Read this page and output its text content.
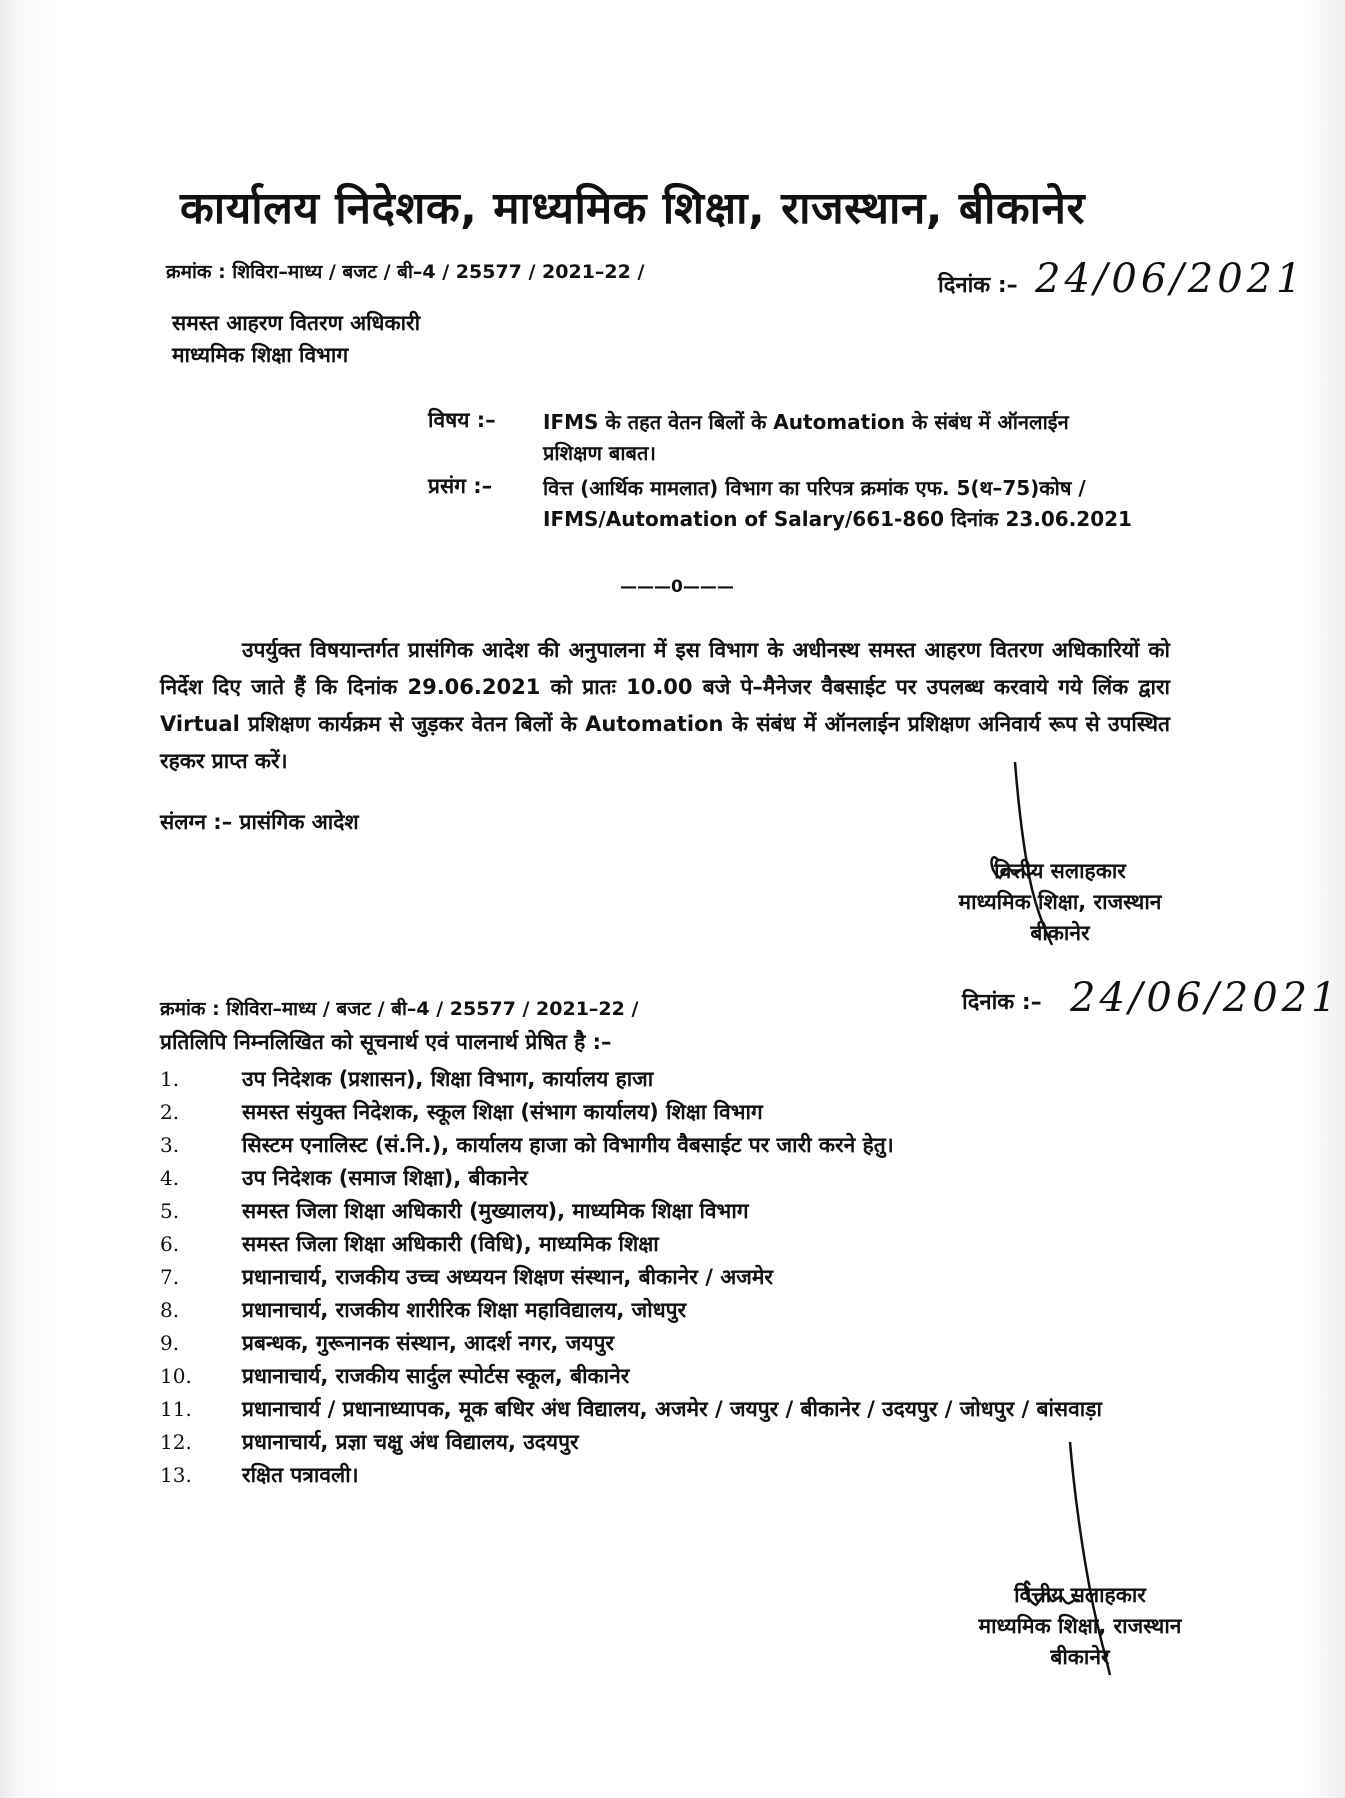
कार्यालय निदेशक, माध्यमिक शिक्षा, राजस्थान, बीकानेर
क्रमांक : शिविरा–माध्य / बजट / बी–4 / 25577 / 2021–22 /
दिनांक :– 24/06/2021
समस्त आहरण वितरण अधिकारी
माध्यमिक शिक्षा विभाग
विषय :–	IFMS के तहत वेतन बिलों के Automation के संबंध में ऑनलाईन प्रशिक्षण बाबत।
प्रसंग :–	वित्त (आर्थिक मामलात) विभाग का परिपत्र क्रमांक एफ. 5(थ–75)कोष / IFMS/Automation of Salary/661-860 दिनांक 23.06.2021
———0———
उपर्युक्त विषयान्तर्गत प्रासंगिक आदेश की अनुपालना में इस विभाग के अधीनस्थ समस्त आहरण वितरण अधिकारियों को निर्देश दिए जाते हैं कि दिनांक 29.06.2021 को प्रातः 10.00 बजे पे–मैनेजर वैबसाईट पर उपलब्ध करवाये गये लिंक द्वारा Virtual प्रशिक्षण कार्यक्रम से जुड़कर वेतन बिलों के Automation के संबंध में ऑनलाईन प्रशिक्षण अनिवार्य रूप से उपस्थित रहकर प्राप्त करें।
संलग्न :– प्रासंगिक आदेश
वित्तीय सलाहकार
माध्यमिक शिक्षा, राजस्थान
बीकानेर
क्रमांक : शिविरा–माध्य / बजट / बी–4 / 25577 / 2021–22 /	दिनांक :– 24/06/2021
प्रतिलिपि निम्नलिखित को सूचनार्थ एवं पालनार्थ प्रेषित है :–
1.	उप निदेशक (प्रशासन), शिक्षा विभाग, कार्यालय हाजा
2.	समस्त संयुक्त निदेशक, स्कूल शिक्षा (संभाग कार्यालय) शिक्षा विभाग
3.	सिस्टम एनालिस्ट (सं.नि.), कार्यालय हाजा को विभागीय वैबसाईट पर जारी करने हेतु।
4.	उप निदेशक (समाज शिक्षा), बीकानेर
5.	समस्त जिला शिक्षा अधिकारी (मुख्यालय), माध्यमिक शिक्षा विभाग
6.	समस्त जिला शिक्षा अधिकारी (विधि), माध्यमिक शिक्षा
7.	प्रधानाचार्य, राजकीय उच्च अध्ययन शिक्षण संस्थान, बीकानेर / अजमेर
8.	प्रधानाचार्य, राजकीय शारीरिक शिक्षा महाविद्यालय, जोधपुर
9.	प्रबन्धक, गुरूनानक संस्थान, आदर्श नगर, जयपुर
10.	प्रधानाचार्य, राजकीय सार्दुल स्पोर्टस स्कूल, बीकानेर
11.	प्रधानाचार्य / प्रधानाध्यापक, मूक बधिर अंध विद्यालय, अजमेर / जयपुर / बीकानेर / उदयपुर / जोधपुर / बांसवाड़ा
12.	प्रधानाचार्य, प्रज्ञा चक्षु अंध विद्यालय, उदयपुर
13.	रक्षित पत्रावली।
वित्तीय सलाहकार
माध्यमिक शिक्षा, राजस्थान
बीकानेर
